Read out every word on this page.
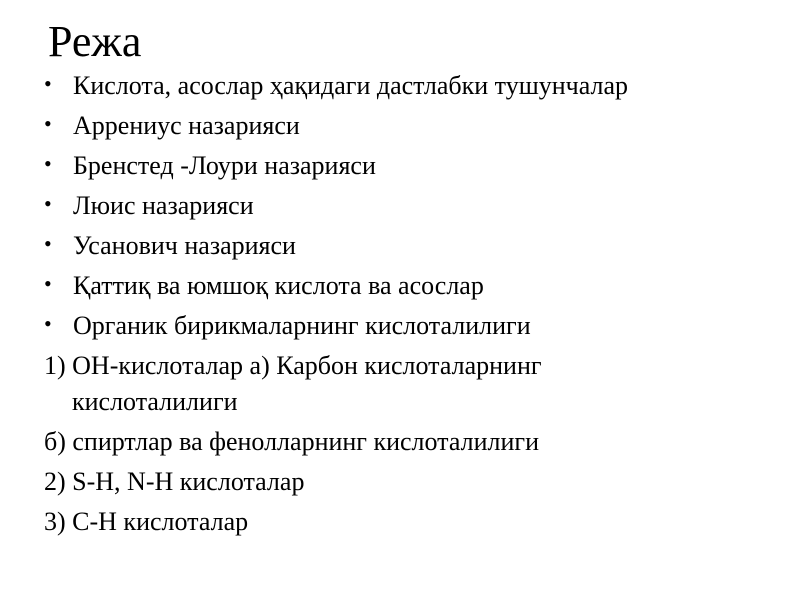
Режа
• Кислота, асослар ҳақидаги дастлабки тушунчалар
• Аррениус назарияси
• Бренстед -Лоури назарияси
• Люис назарияси
• Усанович назарияси
• Қаттиқ ва юмшоқ кислота ва асослар
• Органик бирикмаларнинг кислоталилиги
1) ОН-кислоталар а) Карбон кислоталарнинг
кислоталилиги
б) спиртлар ва фенолларнинг кислоталилиги
2) S-H, N-H кислоталар
3) С-Н кислоталар
